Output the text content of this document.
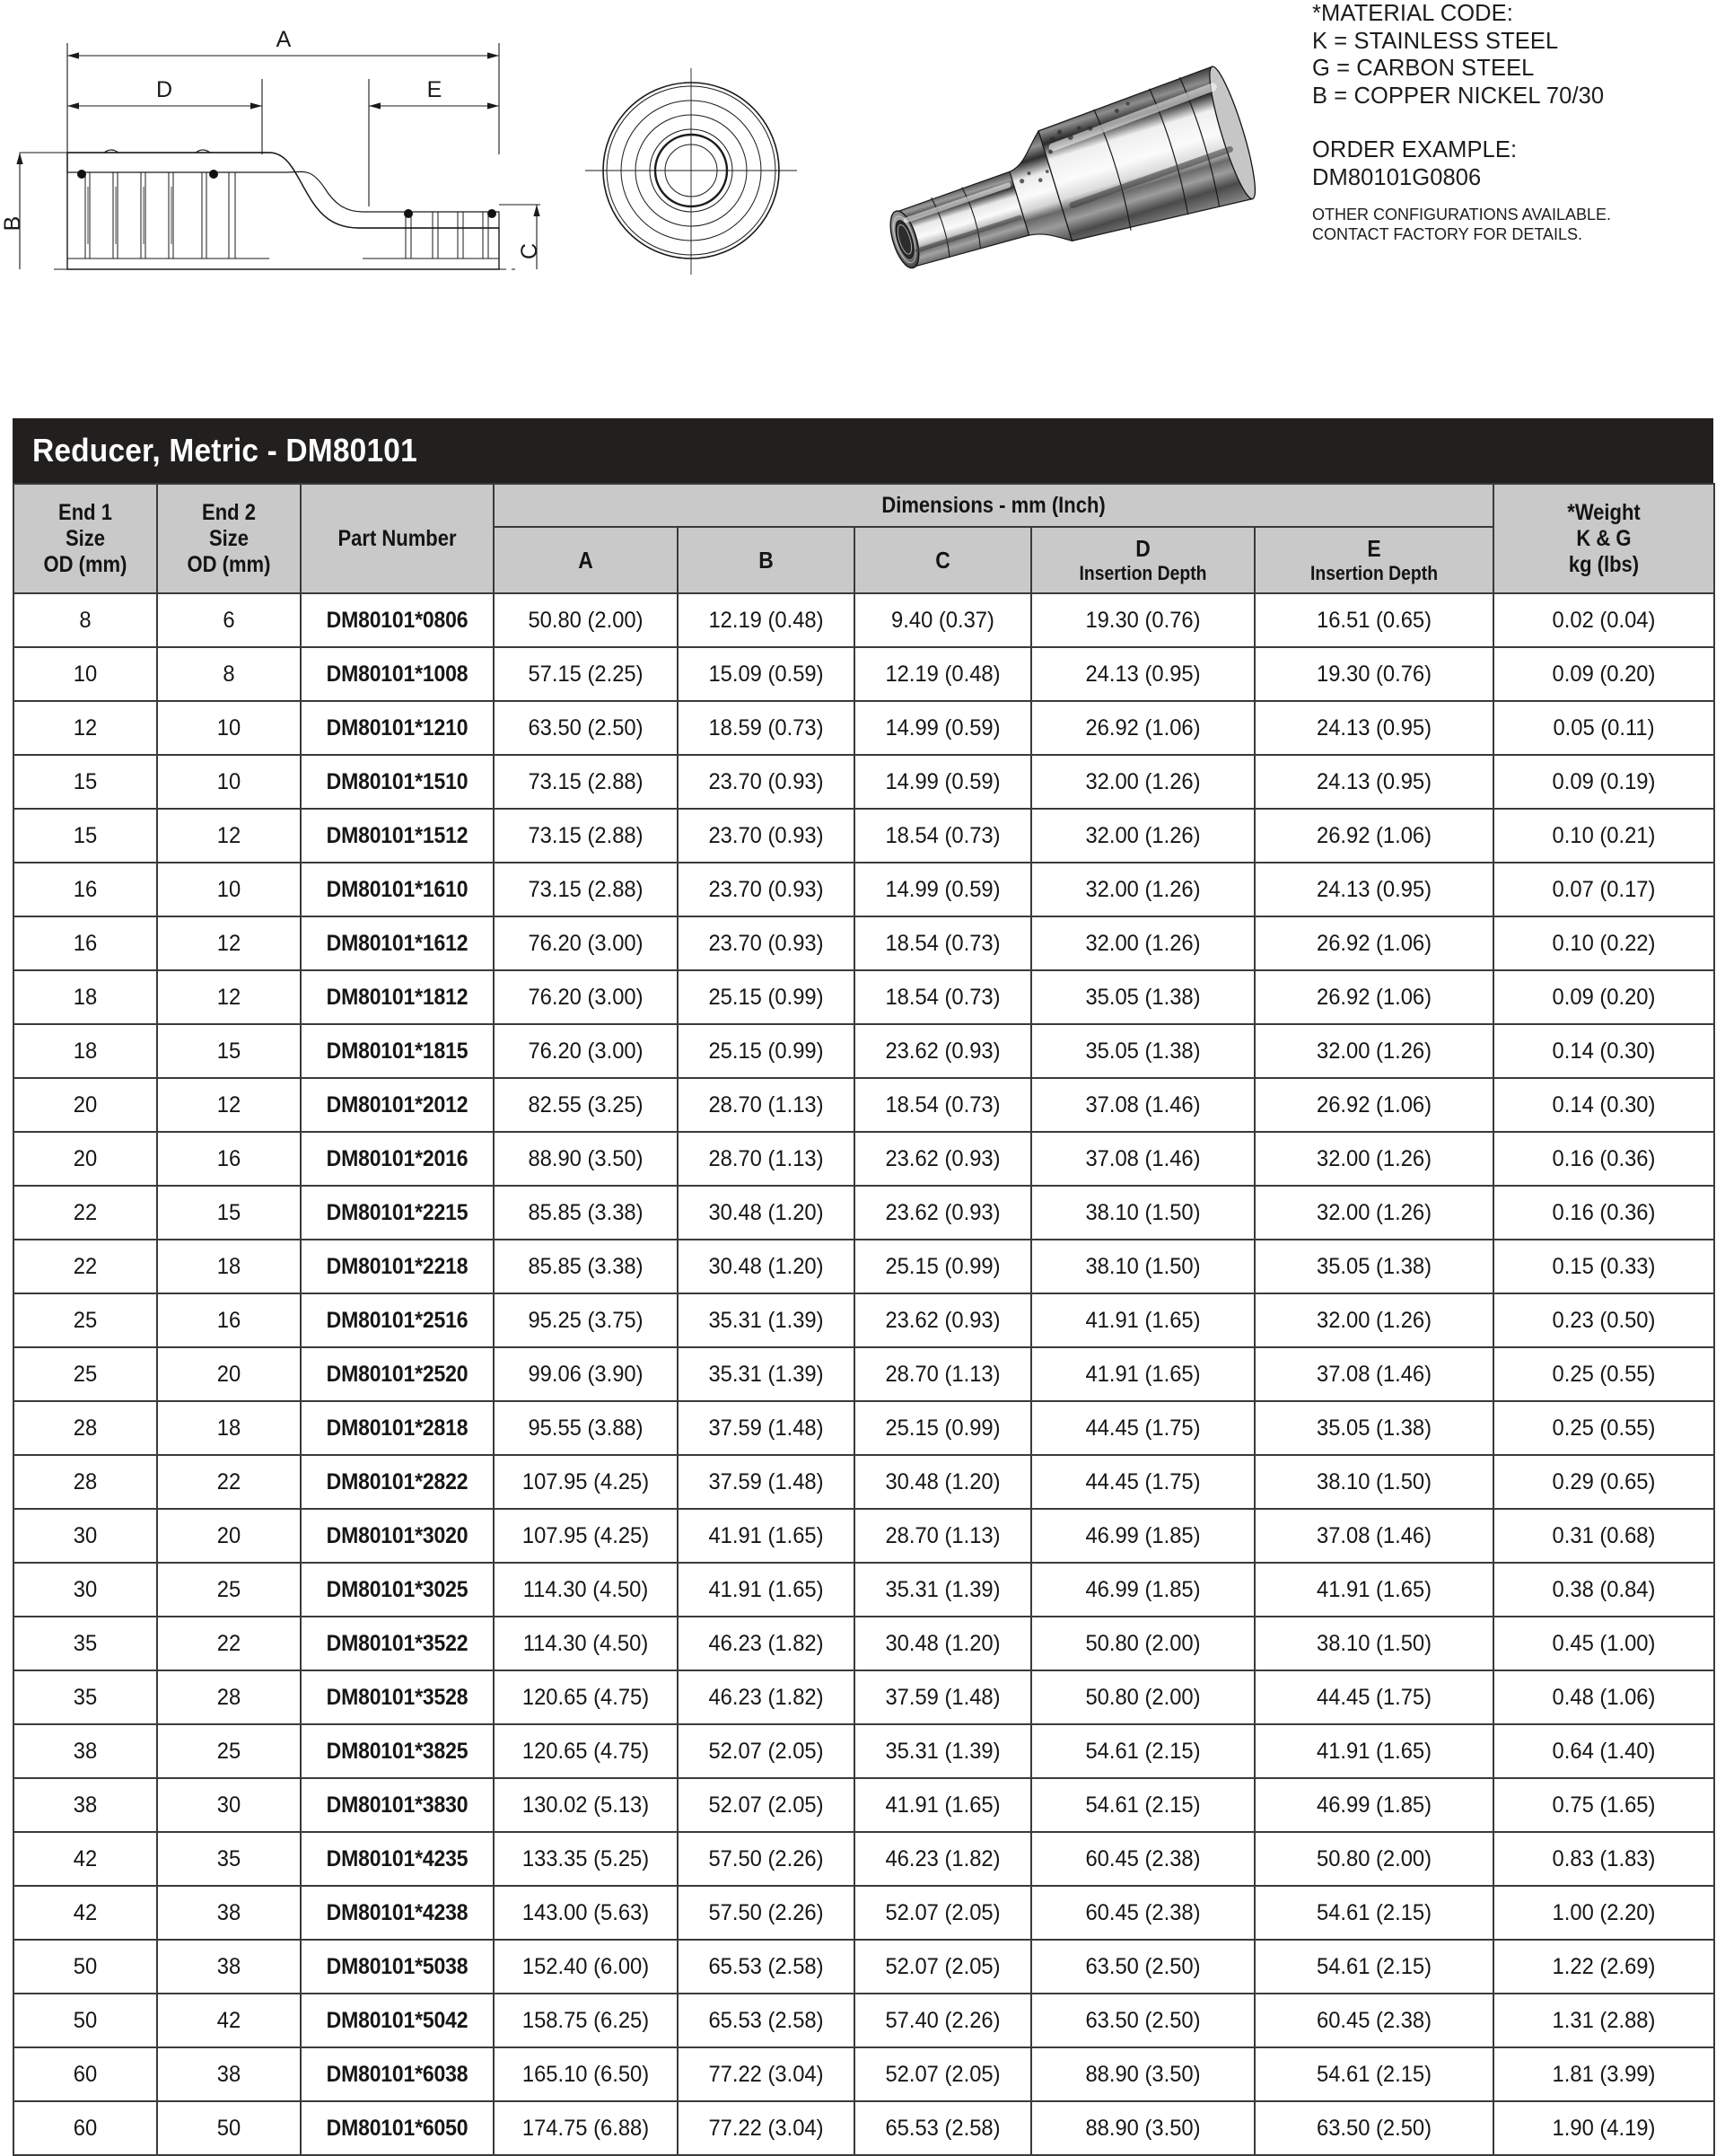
A
D	E
B
C
*MATERIAL CODE:
K = STAINLESS STEEL
G = CARBON STEEL
B = COPPER NICKEL 70/30
ORDER EXAMPLE:
DM80101G0806
OTHER CONFIGURATIONS AVAILABLE.
CONTACT FACTORY FOR DETAILS.
Reducer, Metric - DM80101
End 1
Size
OD (mm)	End 2
Size
OD (mm)	Part Number	Dimensions - mm (Inch)					*Weight
K & G
kg (lbs)

			A	B	C	D
Insertion Depth	E
Insertion Depth	

8	6	DM80101*0806	50.80 (2.00)	12.19 (0.48)	9.40 (0.37)	19.30 (0.76)	16.51 (0.65)	0.02 (0.04)

10	8	DM80101*1008	57.15 (2.25)	15.09 (0.59)	12.19 (0.48)	24.13 (0.95)	19.30 (0.76)	0.09 (0.20)

12	10	DM80101*1210	63.50 (2.50)	18.59 (0.73)	14.99 (0.59)	26.92 (1.06)	24.13 (0.95)	0.05 (0.11)

15	10	DM80101*1510	73.15 (2.88)	23.70 (0.93)	14.99 (0.59)	32.00 (1.26)	24.13 (0.95)	0.09 (0.19)

15	12	DM80101*1512	73.15 (2.88)	23.70 (0.93)	18.54 (0.73)	32.00 (1.26)	26.92 (1.06)	0.10 (0.21)

16	10	DM80101*1610	73.15 (2.88)	23.70 (0.93)	14.99 (0.59)	32.00 (1.26)	24.13 (0.95)	0.07 (0.17)

16	12	DM80101*1612	76.20 (3.00)	23.70 (0.93)	18.54 (0.73)	32.00 (1.26)	26.92 (1.06)	0.10 (0.22)

18	12	DM80101*1812	76.20 (3.00)	25.15 (0.99)	18.54 (0.73)	35.05 (1.38)	26.92 (1.06)	0.09 (0.20)

18	15	DM80101*1815	76.20 (3.00)	25.15 (0.99)	23.62 (0.93)	35.05 (1.38)	32.00 (1.26)	0.14 (0.30)

20	12	DM80101*2012	82.55 (3.25)	28.70 (1.13)	18.54 (0.73)	37.08 (1.46)	26.92 (1.06)	0.14 (0.30)

20	16	DM80101*2016	88.90 (3.50)	28.70 (1.13)	23.62 (0.93)	37.08 (1.46)	32.00 (1.26)	0.16 (0.36)

22	15	DM80101*2215	85.85 (3.38)	30.48 (1.20)	23.62 (0.93)	38.10 (1.50)	32.00 (1.26)	0.16 (0.36)

22	18	DM80101*2218	85.85 (3.38)	30.48 (1.20)	25.15 (0.99)	38.10 (1.50)	35.05 (1.38)	0.15 (0.33)

25	16	DM80101*2516	95.25 (3.75)	35.31 (1.39)	23.62 (0.93)	41.91 (1.65)	32.00 (1.26)	0.23 (0.50)

25	20	DM80101*2520	99.06 (3.90)	35.31 (1.39)	28.70 (1.13)	41.91 (1.65)	37.08 (1.46)	0.25 (0.55)

28	18	DM80101*2818	95.55 (3.88)	37.59 (1.48)	25.15 (0.99)	44.45 (1.75)	35.05 (1.38)	0.25 (0.55)

28	22	DM80101*2822	107.95 (4.25)	37.59 (1.48)	30.48 (1.20)	44.45 (1.75)	38.10 (1.50)	0.29 (0.65)

30	20	DM80101*3020	107.95 (4.25)	41.91 (1.65)	28.70 (1.13)	46.99 (1.85)	37.08 (1.46)	0.31 (0.68)

30	25	DM80101*3025	114.30 (4.50)	41.91 (1.65)	35.31 (1.39)	46.99 (1.85)	41.91 (1.65)	0.38 (0.84)

35	22	DM80101*3522	114.30 (4.50)	46.23 (1.82)	30.48 (1.20)	50.80 (2.00)	38.10 (1.50)	0.45 (1.00)

35	28	DM80101*3528	120.65 (4.75)	46.23 (1.82)	37.59 (1.48)	50.80 (2.00)	44.45 (1.75)	0.48 (1.06)

38	25	DM80101*3825	120.65 (4.75)	52.07 (2.05)	35.31 (1.39)	54.61 (2.15)	41.91 (1.65)	0.64 (1.40)

38	30	DM80101*3830	130.02 (5.13)	52.07 (2.05)	41.91 (1.65)	54.61 (2.15)	46.99 (1.85)	0.75 (1.65)

42	35	DM80101*4235	133.35 (5.25)	57.50 (2.26)	46.23 (1.82)	60.45 (2.38)	50.80 (2.00)	0.83 (1.83)

42	38	DM80101*4238	143.00 (5.63)	57.50 (2.26)	52.07 (2.05)	60.45 (2.38)	54.61 (2.15)	1.00 (2.20)

50	38	DM80101*5038	152.40 (6.00)	65.53 (2.58)	52.07 (2.05)	63.50 (2.50)	54.61 (2.15)	1.22 (2.69)

50	42	DM80101*5042	158.75 (6.25)	65.53 (2.58)	57.40 (2.26)	63.50 (2.50)	60.45 (2.38)	1.31 (2.88)

60	38	DM80101*6038	165.10 (6.50)	77.22 (3.04)	52.07 (2.05)	88.90 (3.50)	54.61 (2.15)	1.81 (3.99)

60	50	DM80101*6050	174.75 (6.88)	77.22 (3.04)	65.53 (2.58)	88.90 (3.50)	63.50 (2.50)	1.90 (4.19)
